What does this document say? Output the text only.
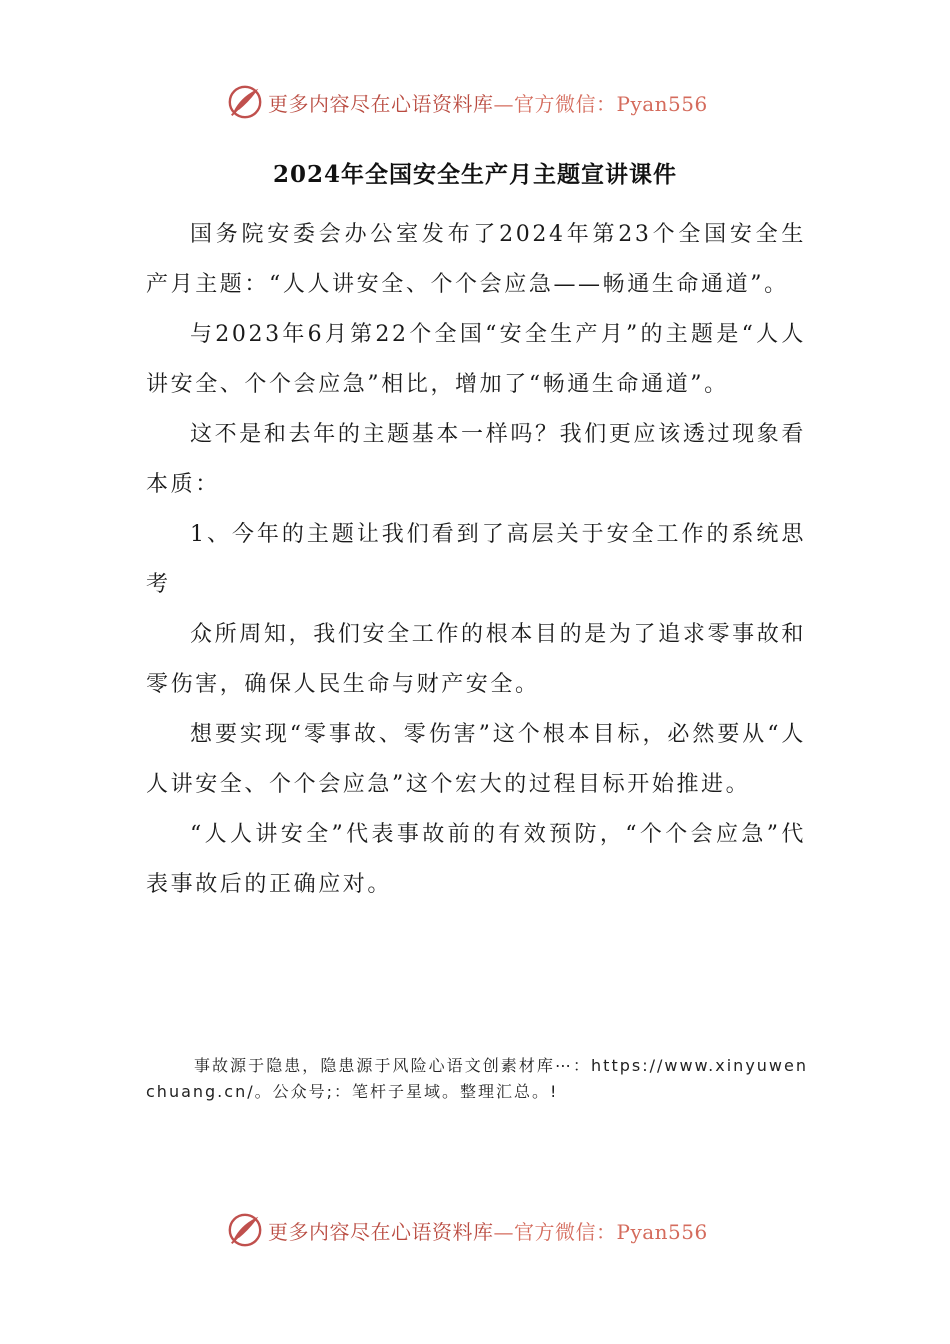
更多内容尽在心语资料库—官方微信：Pyan556
2024年全国安全生产月主题宣讲课件

国务院安委会办公室发布了2024年第23个全国安全生产月主题：“人人讲安全、个个会应急——畅通生命通道”。

与2023年6月第22个全国“安全生产月”的主题是“人人讲安全、个个会应急”相比，增加了“畅通生命通道”。

这不是和去年的主题基本一样吗？我们更应该透过现象看本质：

1、今年的主题让我们看到了高层关于安全工作的系统思考

众所周知，我们安全工作的根本目的是为了追求零事故和零伤害，确保人民生命与财产安全。

想要实现“零事故、零伤害”这个根本目标，必然要从“人人讲安全、个个会应急”这个宏大的过程目标开始推进。

“人人讲安全”代表事故前的有效预防，“个个会应急”代表事故后的正确应对。

事故源于隐患，隐患源于风险心语文创素材库⋯：https://www.xinyuwenchuang.cn/。公众号;：笔杆子星域。整理汇总。!
更多内容尽在心语资料库—官方微信：Pyan556
